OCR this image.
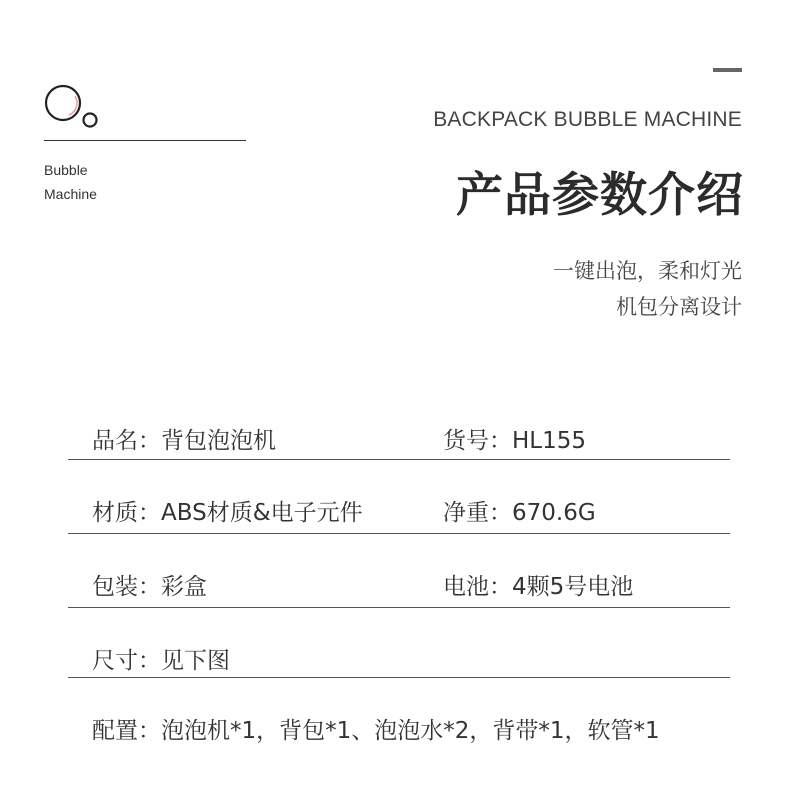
Bubble
Machine
BACKPACK BUBBLE MACHINE
产品参数介绍
一键出泡，柔和灯光
机包分离设计
品名：背包泡泡机	货号：HL155
材质：ABS材质&电子元件	净重：670.6G
包装：彩盒	电池：4颗5号电池
尺寸：见下图
配置：泡泡机*1，背包*1、泡泡水*2，背带*1，软管*1
